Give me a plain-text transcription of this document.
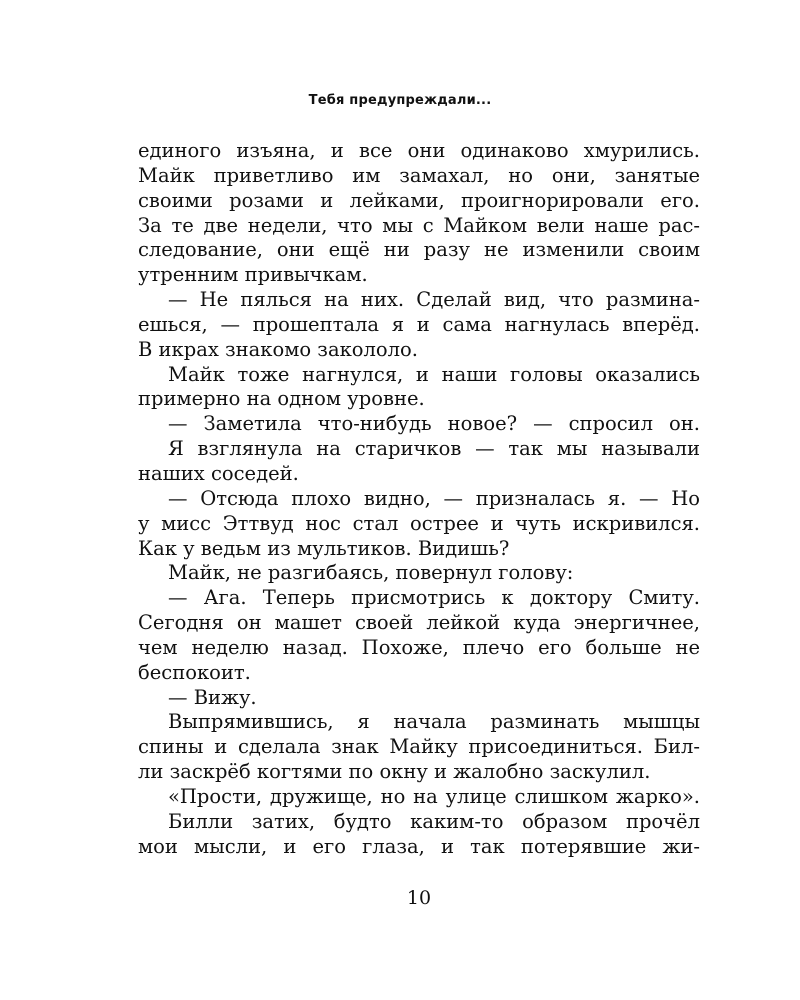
Тебя предупреждали...
единого изъяна, и все они одинаково хмурились.
Майк приветливо им замахал, но они, занятые
своими розами и лейками, проигнорировали его.
За те две недели, что мы с Майком вели наше рас-
следование, они ещё ни разу не изменили своим
утренним привычкам.
— Не пялься на них. Сделай вид, что размина-
ешься, — прошептала я и сама нагнулась вперёд.
В икрах знакомо закололо.
Майк тоже нагнулся, и наши головы оказались
примерно на одном уровне.
— Заметила что-нибудь новое? — спросил он.
Я взглянула на старичков — так мы называли
наших соседей.
— Отсюда плохо видно, — призналась я. — Но
у мисс Эттвуд нос стал острее и чуть искривился.
Как у ведьм из мультиков. Видишь?
Майк, не разгибаясь, повернул голову:
— Ага. Теперь присмотрись к доктору Смиту.
Сегодня он машет своей лейкой куда энергичнее,
чем неделю назад. Похоже, плечо его больше не
беспокоит.
— Вижу.
Выпрямившись, я начала разминать мышцы
спины и сделала знак Майку присоединиться. Бил-
ли заскрёб когтями по окну и жалобно заскулил.
«Прости, дружище, но на улице слишком жарко».
Билли затих, будто каким-то образом прочёл
мои мысли, и его глаза, и так потерявшие жи-
10
